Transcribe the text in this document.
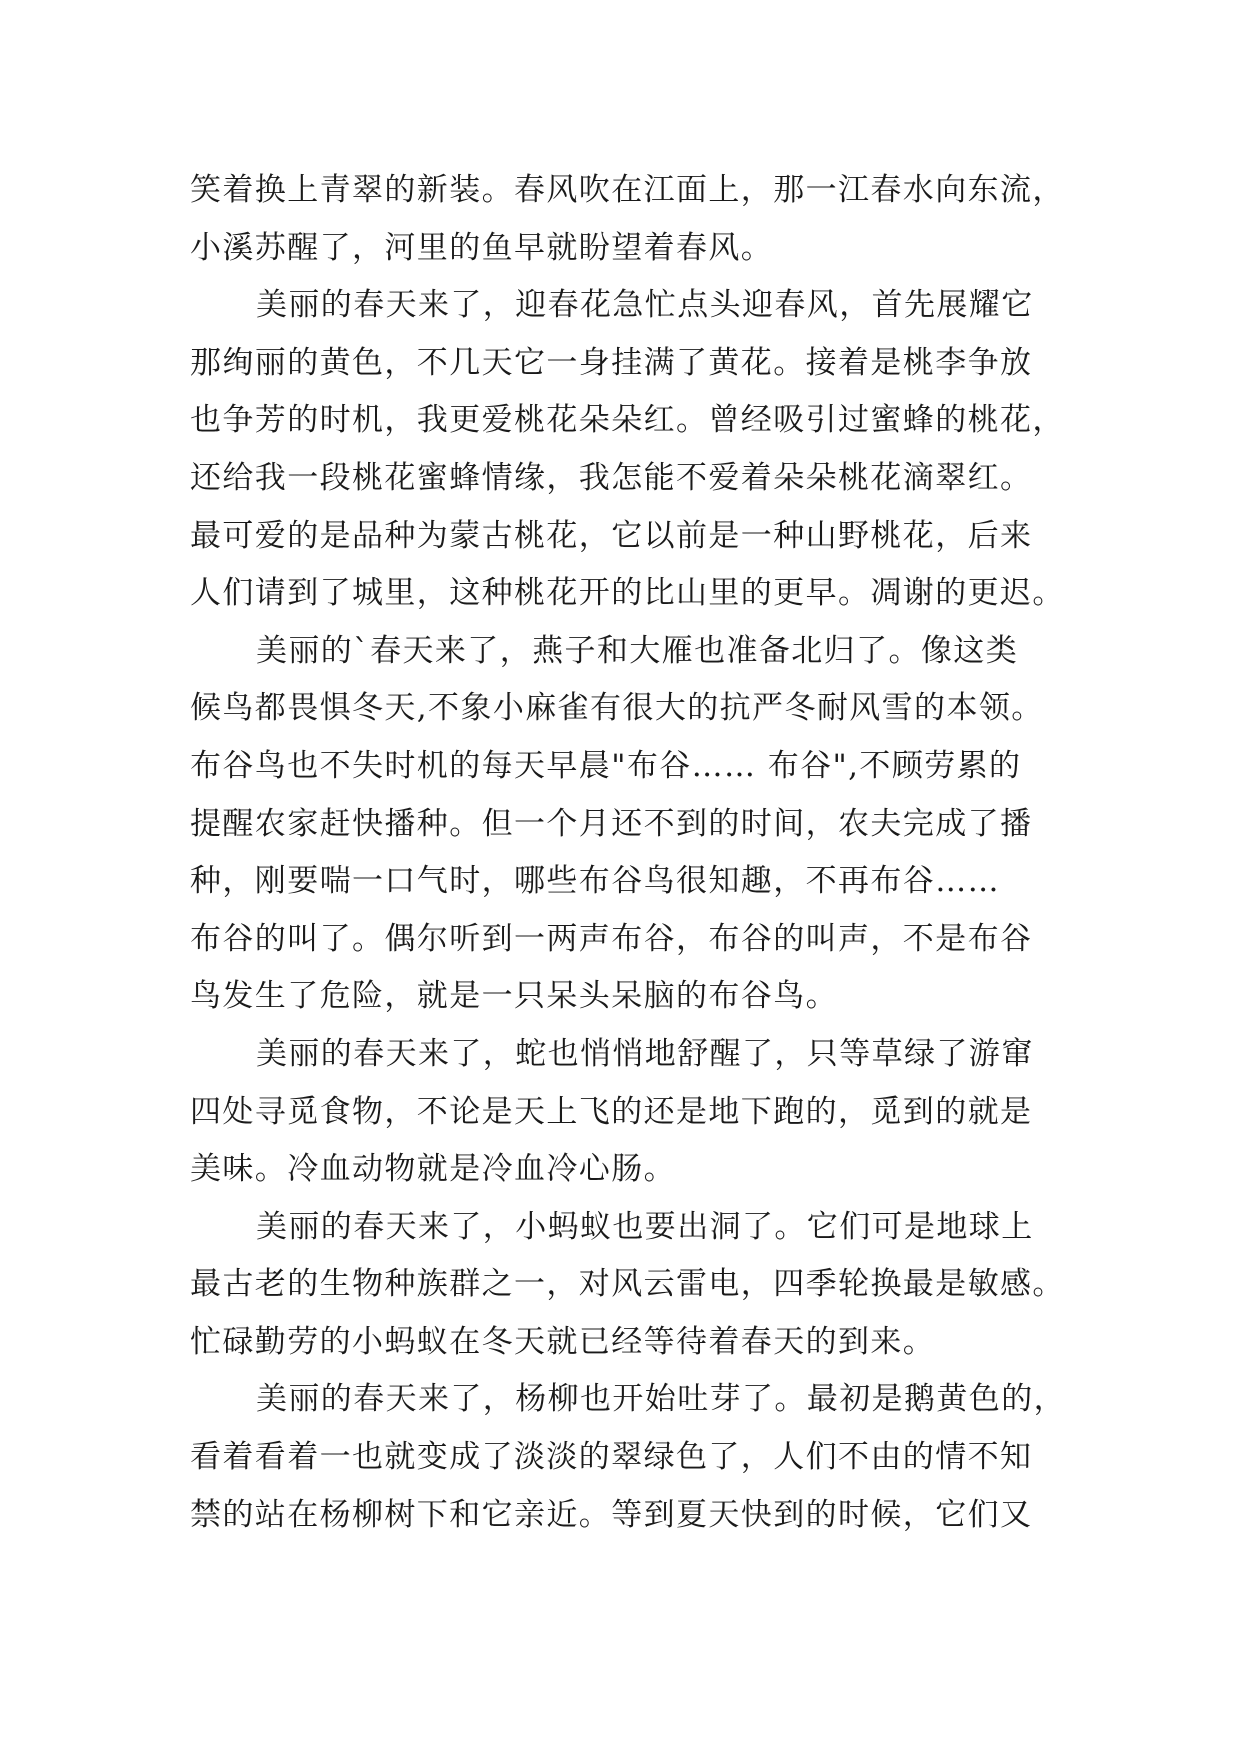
笑着换上青翠的新装。春风吹在江面上，那一江春水向东流，
小溪苏醒了，河里的鱼早就盼望着春风。
美丽的春天来了，迎春花急忙点头迎春风，首先展耀它
那绚丽的黄色，不几天它一身挂满了黄花。接着是桃李争放
也争芳的时机，我更爱桃花朵朵红。曾经吸引过蜜蜂的桃花，
还给我一段桃花蜜蜂情缘，我怎能不爱着朵朵桃花滴翠红。
最可爱的是品种为蒙古桃花，它以前是一种山野桃花，后来
人们请到了城里，这种桃花开的比山里的更早。凋谢的更迟。
美丽的`春天来了，燕子和大雁也准备北归了。像这类
候鸟都畏惧冬天,不象小麻雀有很大的抗严冬耐风雪的本领。
布谷鸟也不失时机的每天早晨"布谷…… 布谷",不顾劳累的
提醒农家赶快播种。但一个月还不到的时间，农夫完成了播
种，刚要喘一口气时，哪些布谷鸟很知趣，不再布谷……
布谷的叫了。偶尔听到一两声布谷，布谷的叫声，不是布谷
鸟发生了危险，就是一只呆头呆脑的布谷鸟。
美丽的春天来了，蛇也悄悄地舒醒了，只等草绿了游窜
四处寻觅食物，不论是天上飞的还是地下跑的，觅到的就是
美味。冷血动物就是冷血冷心肠。
美丽的春天来了，小蚂蚁也要出洞了。它们可是地球上
最古老的生物种族群之一，对风云雷电，四季轮换最是敏感。
忙碌勤劳的小蚂蚁在冬天就已经等待着春天的到来。
美丽的春天来了，杨柳也开始吐芽了。最初是鹅黄色的，
看着看着一也就变成了淡淡的翠绿色了，人们不由的情不知
禁的站在杨柳树下和它亲近。等到夏天快到的时候，它们又
